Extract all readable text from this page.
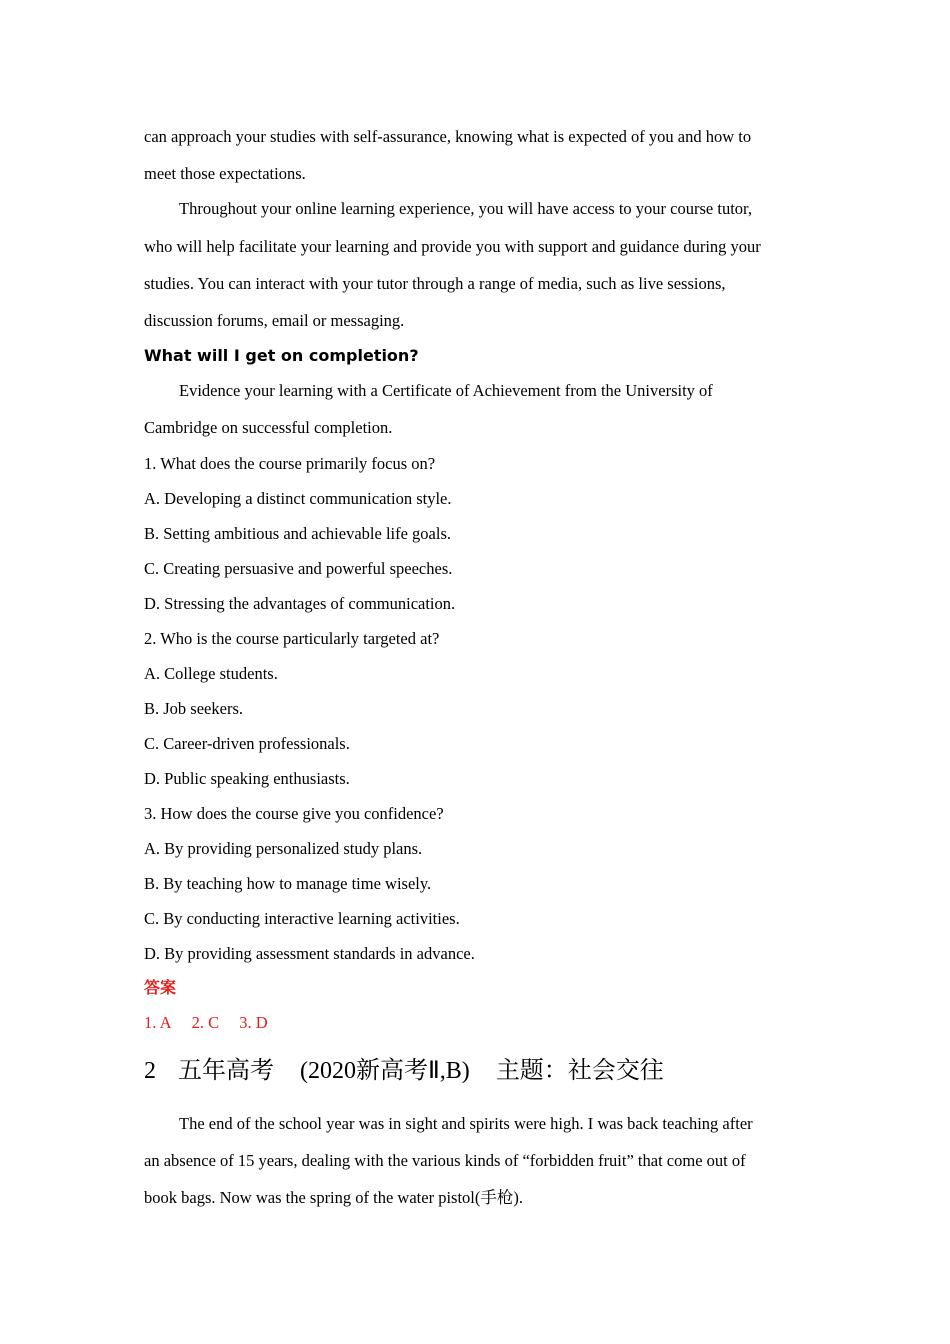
can approach your studies with self-assurance, knowing what is expected of you and how to
meet those expectations.
Throughout your online learning experience, you will have access to your course tutor,
who will help facilitate your learning and provide you with support and guidance during your
studies. You can interact with your tutor through a range of media, such as live sessions,
discussion forums, email or messaging.
What will I get on completion?
Evidence your learning with a Certificate of Achievement from the University of
Cambridge on successful completion.
1. What does the course primarily focus on?
A. Developing a distinct communication style.
B. Setting ambitious and achievable life goals.
C. Creating persuasive and powerful speeches.
D. Stressing the advantages of communication.
2. Who is the course particularly targeted at?
A. College students.
B. Job seekers.
C. Career-driven professionals.
D. Public speaking enthusiasts.
3. How does the course give you confidence?
A. By providing personalized study plans.
B. By teaching how to manage time wisely.
C. By conducting interactive learning activities.
D. By providing assessment standards in advance.
答案
1. A 2. C 3. D
2 五年高考 (2020新高考Ⅱ,B) 主题：社会交往
The end of the school year was in sight and spirits were high. I was back teaching after
an absence of 15 years, dealing with the various kinds of “forbidden fruit” that come out of
book bags. Now was the spring of the water pistol(手枪).
